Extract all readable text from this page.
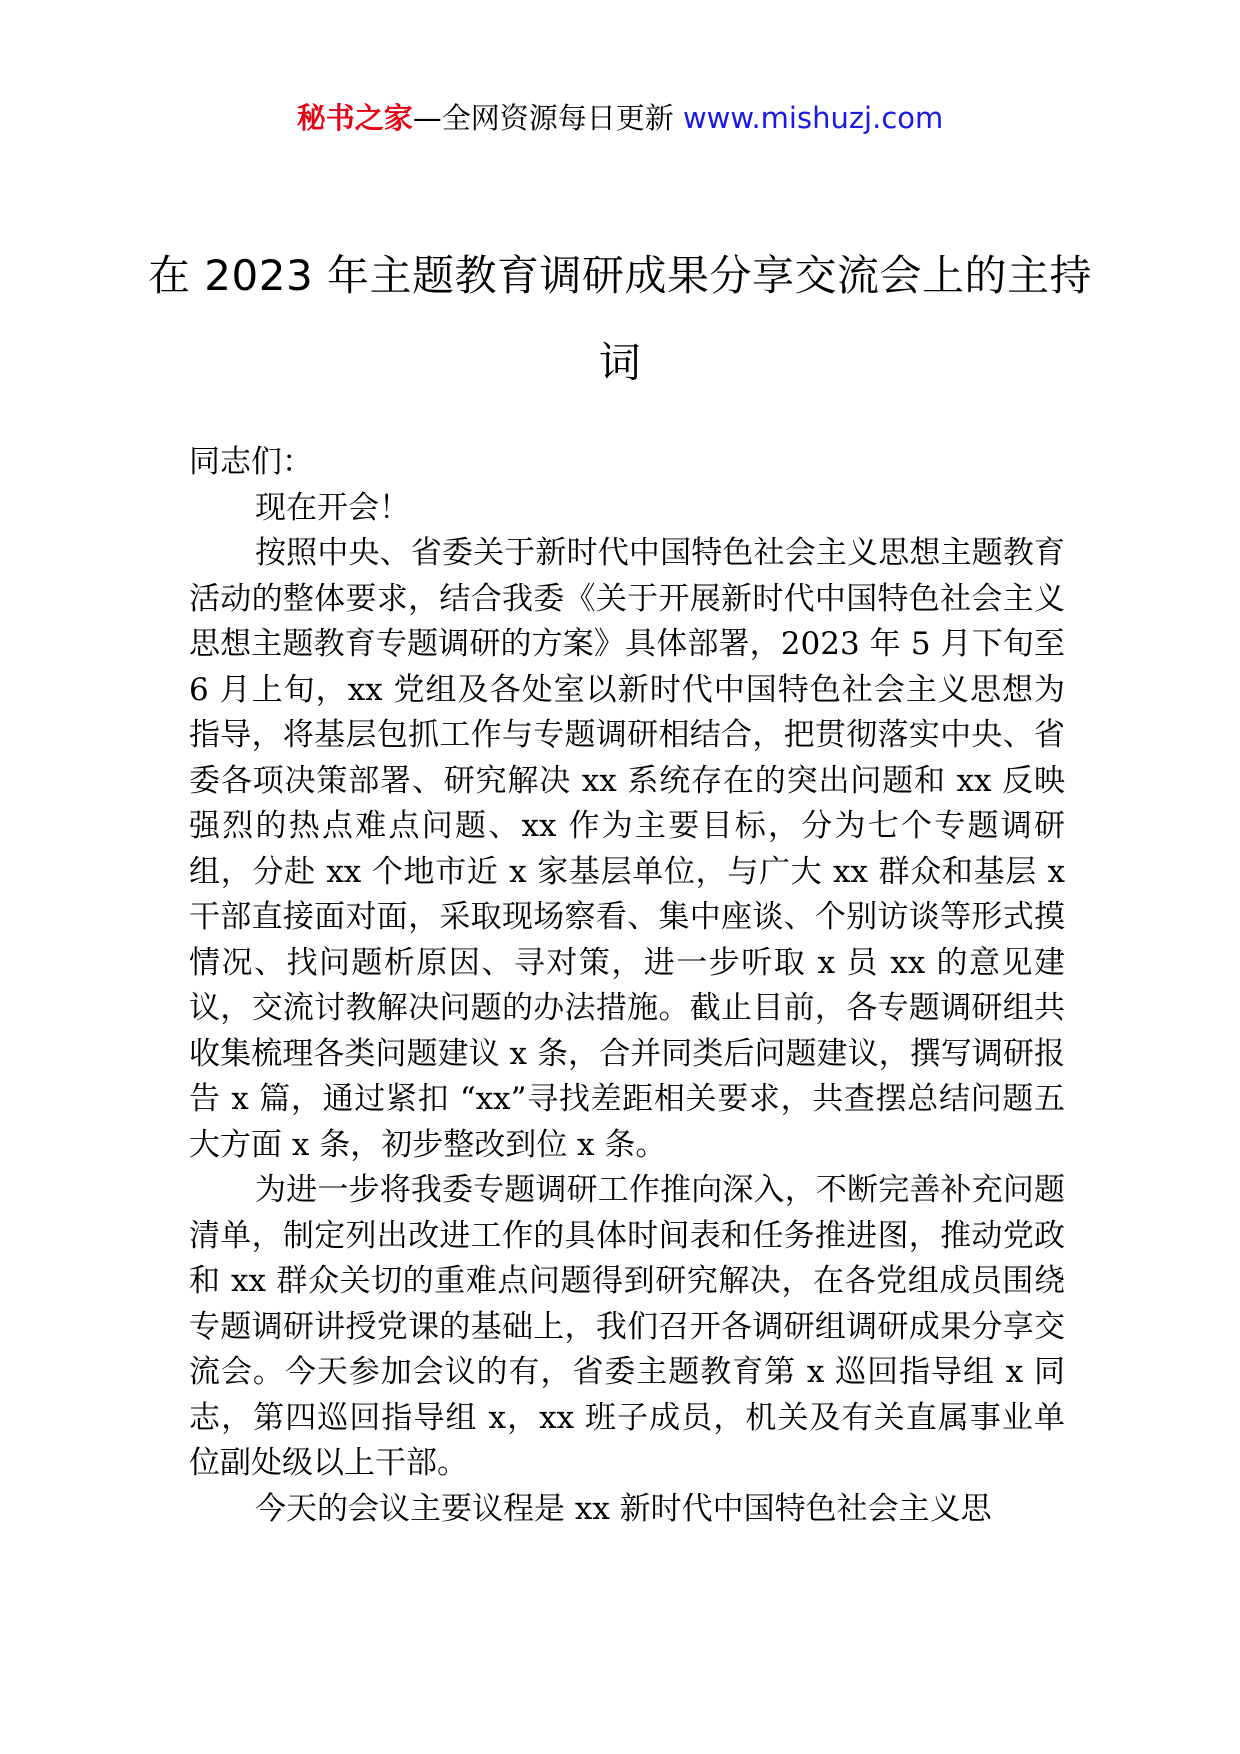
秘书之家—全网资源每日更新 www.mishuzj.com
在 2023 年主题教育调研成果分享交流会上的主持词

同志们：

现在开会！

按照中央、省委关于新时代中国特色社会主义思想主题教育活动的整体要求，结合我委《关于开展新时代中国特色社会主义思想主题教育专题调研的方案》具体部署，2023 年 5 月下旬至 6 月上旬，xx 党组及各处室以新时代中国特色社会主义思想为指导，将基层包抓工作与专题调研相结合，把贯彻落实中央、省委各项决策部署、研究解决 xx 系统存在的突出问题和 xx 反映强烈的热点难点问题、xx 作为主要目标，分为七个专题调研组，分赴 xx 个地市近 x 家基层单位，与广大 xx 群众和基层 x 干部直接面对面，采取现场察看、集中座谈、个别访谈等形式摸情况、找问题析原因、寻对策，进一步听取 x 员 xx 的意见建议，交流讨教解决问题的办法措施。截止目前，各专题调研组共收集梳理各类问题建议 x 条，合并同类后问题建议，撰写调研报告 x 篇，通过紧扣 “xx”寻找差距相关要求，共查摆总结问题五大方面 x 条，初步整改到位 x 条。

为进一步将我委专题调研工作推向深入，不断完善补充问题清单，制定列出改进工作的具体时间表和任务推进图，推动党政和 xx 群众关切的重难点问题得到研究解决，在各党组成员围绕专题调研讲授党课的基础上，我们召开各调研组调研成果分享交流会。今天参加会议的有，省委主题教育第 x 巡回指导组 x 同志，第四巡回指导组 x，xx 班子成员，机关及有关直属事业单位副处级以上干部。

今天的会议主要议程是 xx 新时代中国特色社会主义思
